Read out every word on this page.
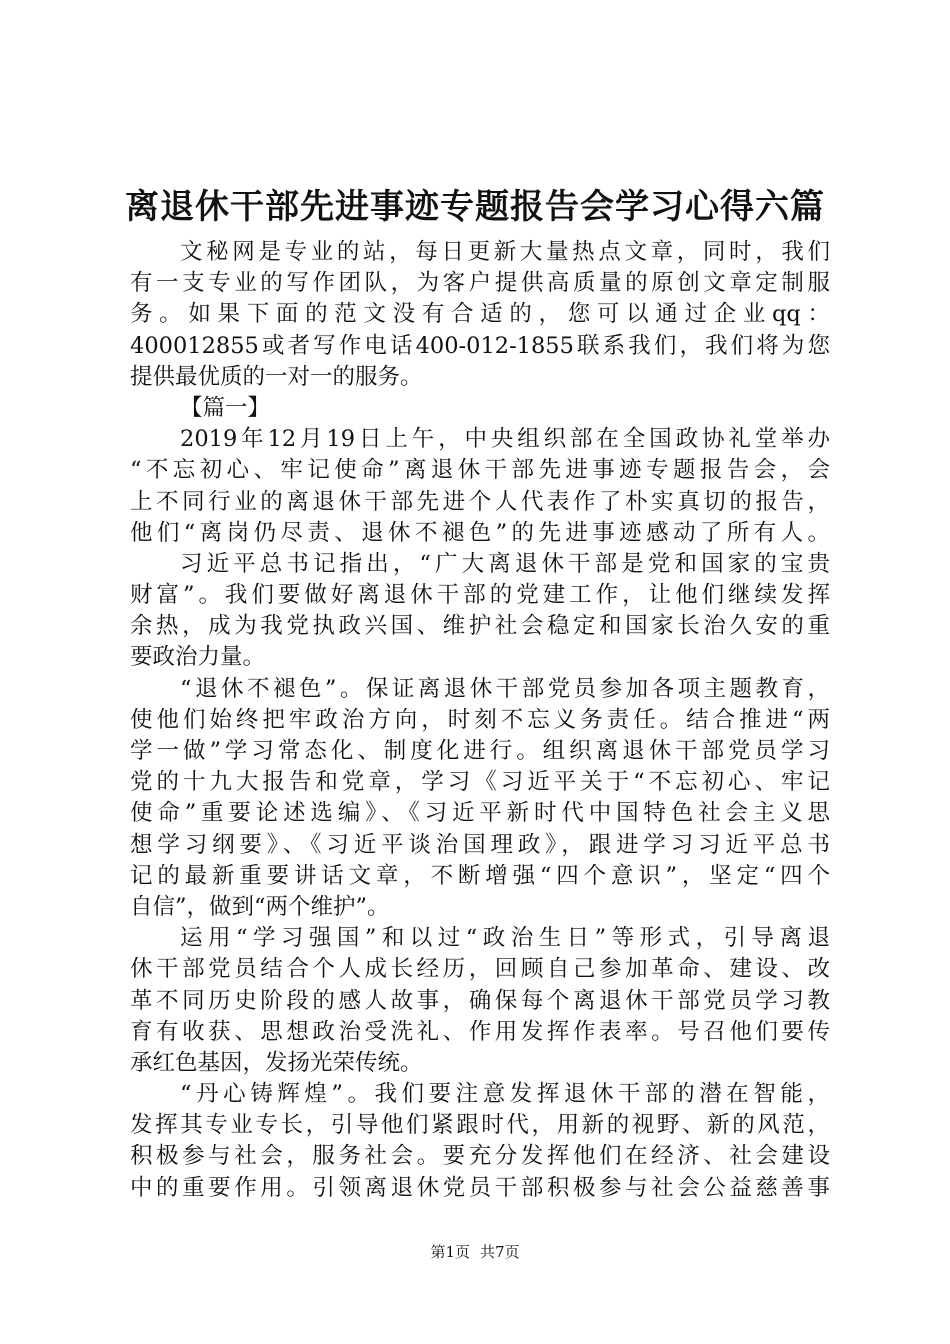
离退休干部先进事迹专题报告会学习心得六篇
文秘网是专业的站，每日更新大量热点文章，同时，我们
有一支专业的写作团队，为客户提供高质量的原创文章定制服
务。如果下面的范文没有合适的，您可以通过企业qq：
400012855或者写作电话400-012-1855联系我们，我们将为您
提供最优质的一对一的服务。
【篇一】
2019年12月19日上午，中央组织部在全国政协礼堂举办
“不忘初心、牢记使命”离退休干部先进事迹专题报告会，会
上不同行业的离退休干部先进个人代表作了朴实真切的报告，
他们“离岗仍尽责、退休不褪色”的先进事迹感动了所有人。
习近平总书记指出，“广大离退休干部是党和国家的宝贵
财富”。我们要做好离退休干部的党建工作，让他们继续发挥
余热，成为我党执政兴国、维护社会稳定和国家长治久安的重
要政治力量。
“退休不褪色”。保证离退休干部党员参加各项主题教育，
使他们始终把牢政治方向，时刻不忘义务责任。结合推进“两
学一做”学习常态化、制度化进行。组织离退休干部党员学习
党的十九大报告和党章，学习《习近平关于“不忘初心、牢记
使命”重要论述选编》、《习近平新时代中国特色社会主义思
想学习纲要》、《习近平谈治国理政》，跟进学习习近平总书
记的最新重要讲话文章，不断增强“四个意识”，坚定“四个
自信”，做到“两个维护”。
运用“学习强国”和以过“政治生日”等形式，引导离退
休干部党员结合个人成长经历，回顾自己参加革命、建设、改
革不同历史阶段的感人故事，确保每个离退休干部党员学习教
育有收获、思想政治受洗礼、作用发挥作表率。号召他们要传
承红色基因，发扬光荣传统。
“丹心铸辉煌”。我们要注意发挥退休干部的潜在智能，
发挥其专业专长，引导他们紧跟时代，用新的视野、新的风范，
积极参与社会，服务社会。要充分发挥他们在经济、社会建设
中的重要作用。引领离退休党员干部积极参与社会公益慈善事
第1页 共7页
